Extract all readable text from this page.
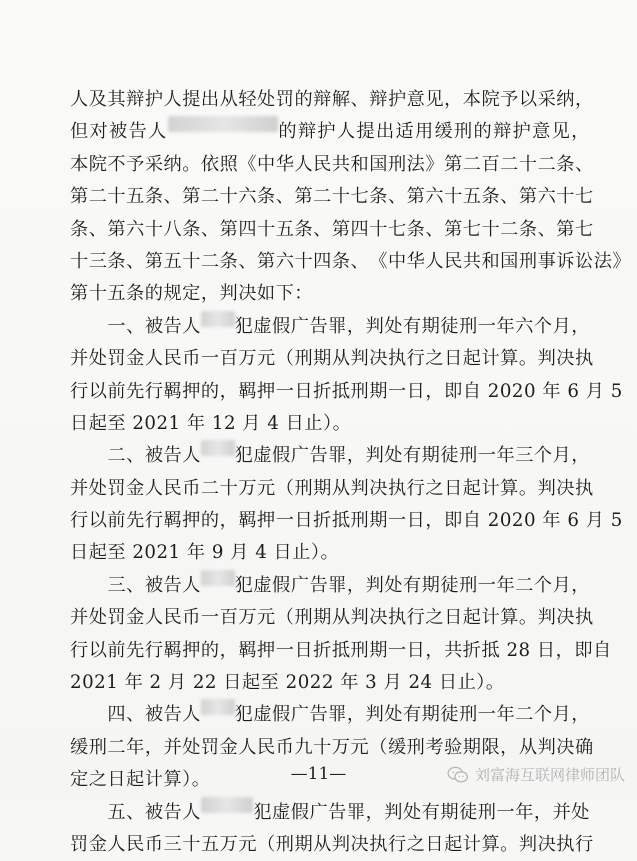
人 及 其 辩 护 人 提 出 从 轻 处 罚 的 辩 解 、 辩 护 意 见 ， 本 院 予 以 采 纳 ，
但 对 被 告 人	的 辩 护 人 提 出 适 用 缓 刑 的 辩 护 意 见 ，
本 院 不 予 采 纳 。 依 照 《 中 华 人 民 共 和 国 刑 法 》 第 二 百 二 十 二 条 、
第 二 十 五 条 、 第 二 十 六 条 、 第 二 十 七 条 、 第 六 十 五 条 、 第 六 十 七
条 、 第 六 十 八 条 、 第 四 十 五 条 、 第 四 十 七 条 、 第 七 十 二 条 、 第 七
十 三 条 、 第 五 十 二 条 、 第 六 十 四 条 、 《 中 华 人 民 共 和 国 刑 事 诉 讼 法 》
第十五条的规定，判决如下：

一 、 被 告 人 犯 虚 假 广 告 罪 ， 判 处 有 期 徒 刑 一 年 六 个 月 ，
并 处 罚 金 人 民 币 一 百 万 元 （ 刑 期 从 判 决 执 行 之 日 起 计 算 。 判 决 执
行 以 前 先 行 羁 押 的 ， 羁 押 一 日 折 抵 刑 期 一 日 ， 即 自
2 0 2 0
年
6
月
5
日起至 2021 年 12 月 4 日止）。

二 、 被 告 人 犯 虚 假 广 告 罪 ， 判 处 有 期 徒 刑 一 年 三 个 月 ，
并 处 罚 金 人 民 币 二 十 万 元 （ 刑 期 从 判 决 执 行 之 日 起 计 算 。 判 决 执
行 以 前 先 行 羁 押 的 ， 羁 押 一 日 折 抵 刑 期 一 日 ， 即 自
2 0 2 0
年
6
月
5
日起至 2021 年 9 月 4 日止）。

三 、 被 告 人 犯 虚 假 广 告 罪 ， 判 处 有 期 徒 刑 一 年 二 个 月 ，
并 处 罚 金 人 民 币 一 百 万 元 （ 刑 期 从 判 决 执 行 之 日 起 计 算 。 判 决 执
行 以 前 先 行 羁 押 的 ， 羁 押 一 日 折 抵 刑 期 一 日 ， 共 折 抵
2 8
日 ， 即 自
2021 年 2 月 22 日起至 2022 年 3 月 24 日止）。

四 、 被 告 人 犯 虚 假 广 告 罪 ， 判 处 有 期 徒 刑 一 年 二 个 月 ，
缓 刑 二 年 ， 并 处 罚 金 人 民 币 九 十 万 元 （ 缓 刑 考 验 期 限 ， 从 判 决 确
定之日起计算）。

五 、 被 告 人	犯 虚 假 广 告 罪 ， 判 处 有 期 徒 刑 一 年 ， 并 处
罚 金 人 民 币 三 十 五 万 元 （ 刑 期 从 判 决 执 行 之 日 起 计 算 。 判 决 执 行
—11—	刘富海互联网律师团队
